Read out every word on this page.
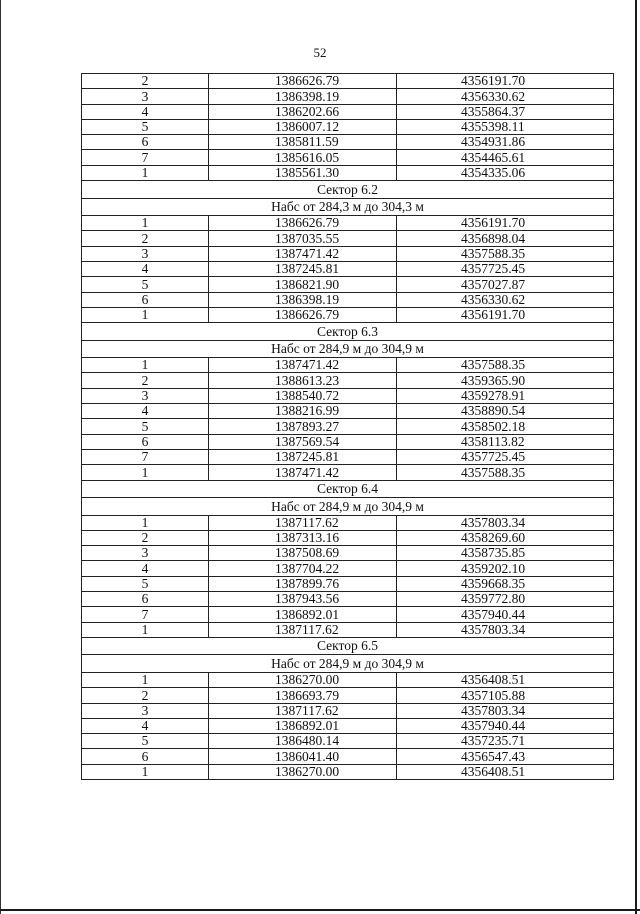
52
2	1386626.79	4356191.70
3	1386398.19	4356330.62
4	1386202.66	4355864.37
5	1386007.12	4355398.11
6	1385811.59	4354931.86
7	1385616.05	4354465.61
1	1385561.30	4354335.06
Сектор 6.2		
Набс от 284,3 м до 304,3 м		
1	1386626.79	4356191.70
2	1387035.55	4356898.04
3	1387471.42	4357588.35
4	1387245.81	4357725.45
5	1386821.90	4357027.87
6	1386398.19	4356330.62
1	1386626.79	4356191.70
Сектор 6.3		
Набс от 284,9 м до 304,9 м		
1	1387471.42	4357588.35
2	1388613.23	4359365.90
3	1388540.72	4359278.91
4	1388216.99	4358890.54
5	1387893.27	4358502.18
6	1387569.54	4358113.82
7	1387245.81	4357725.45
1	1387471.42	4357588.35
Сектор 6.4		
Набс от 284,9 м до 304,9 м		
1	1387117.62	4357803.34
2	1387313.16	4358269.60
3	1387508.69	4358735.85
4	1387704.22	4359202.10
5	1387899.76	4359668.35
6	1387943.56	4359772.80
7	1386892.01	4357940.44
1	1387117.62	4357803.34
Сектор 6.5		
Набс от 284,9 м до 304,9 м		
1	1386270.00	4356408.51
2	1386693.79	4357105.88
3	1387117.62	4357803.34
4	1386892.01	4357940.44
5	1386480.14	4357235.71
6	1386041.40	4356547.43
1	1386270.00	4356408.51
